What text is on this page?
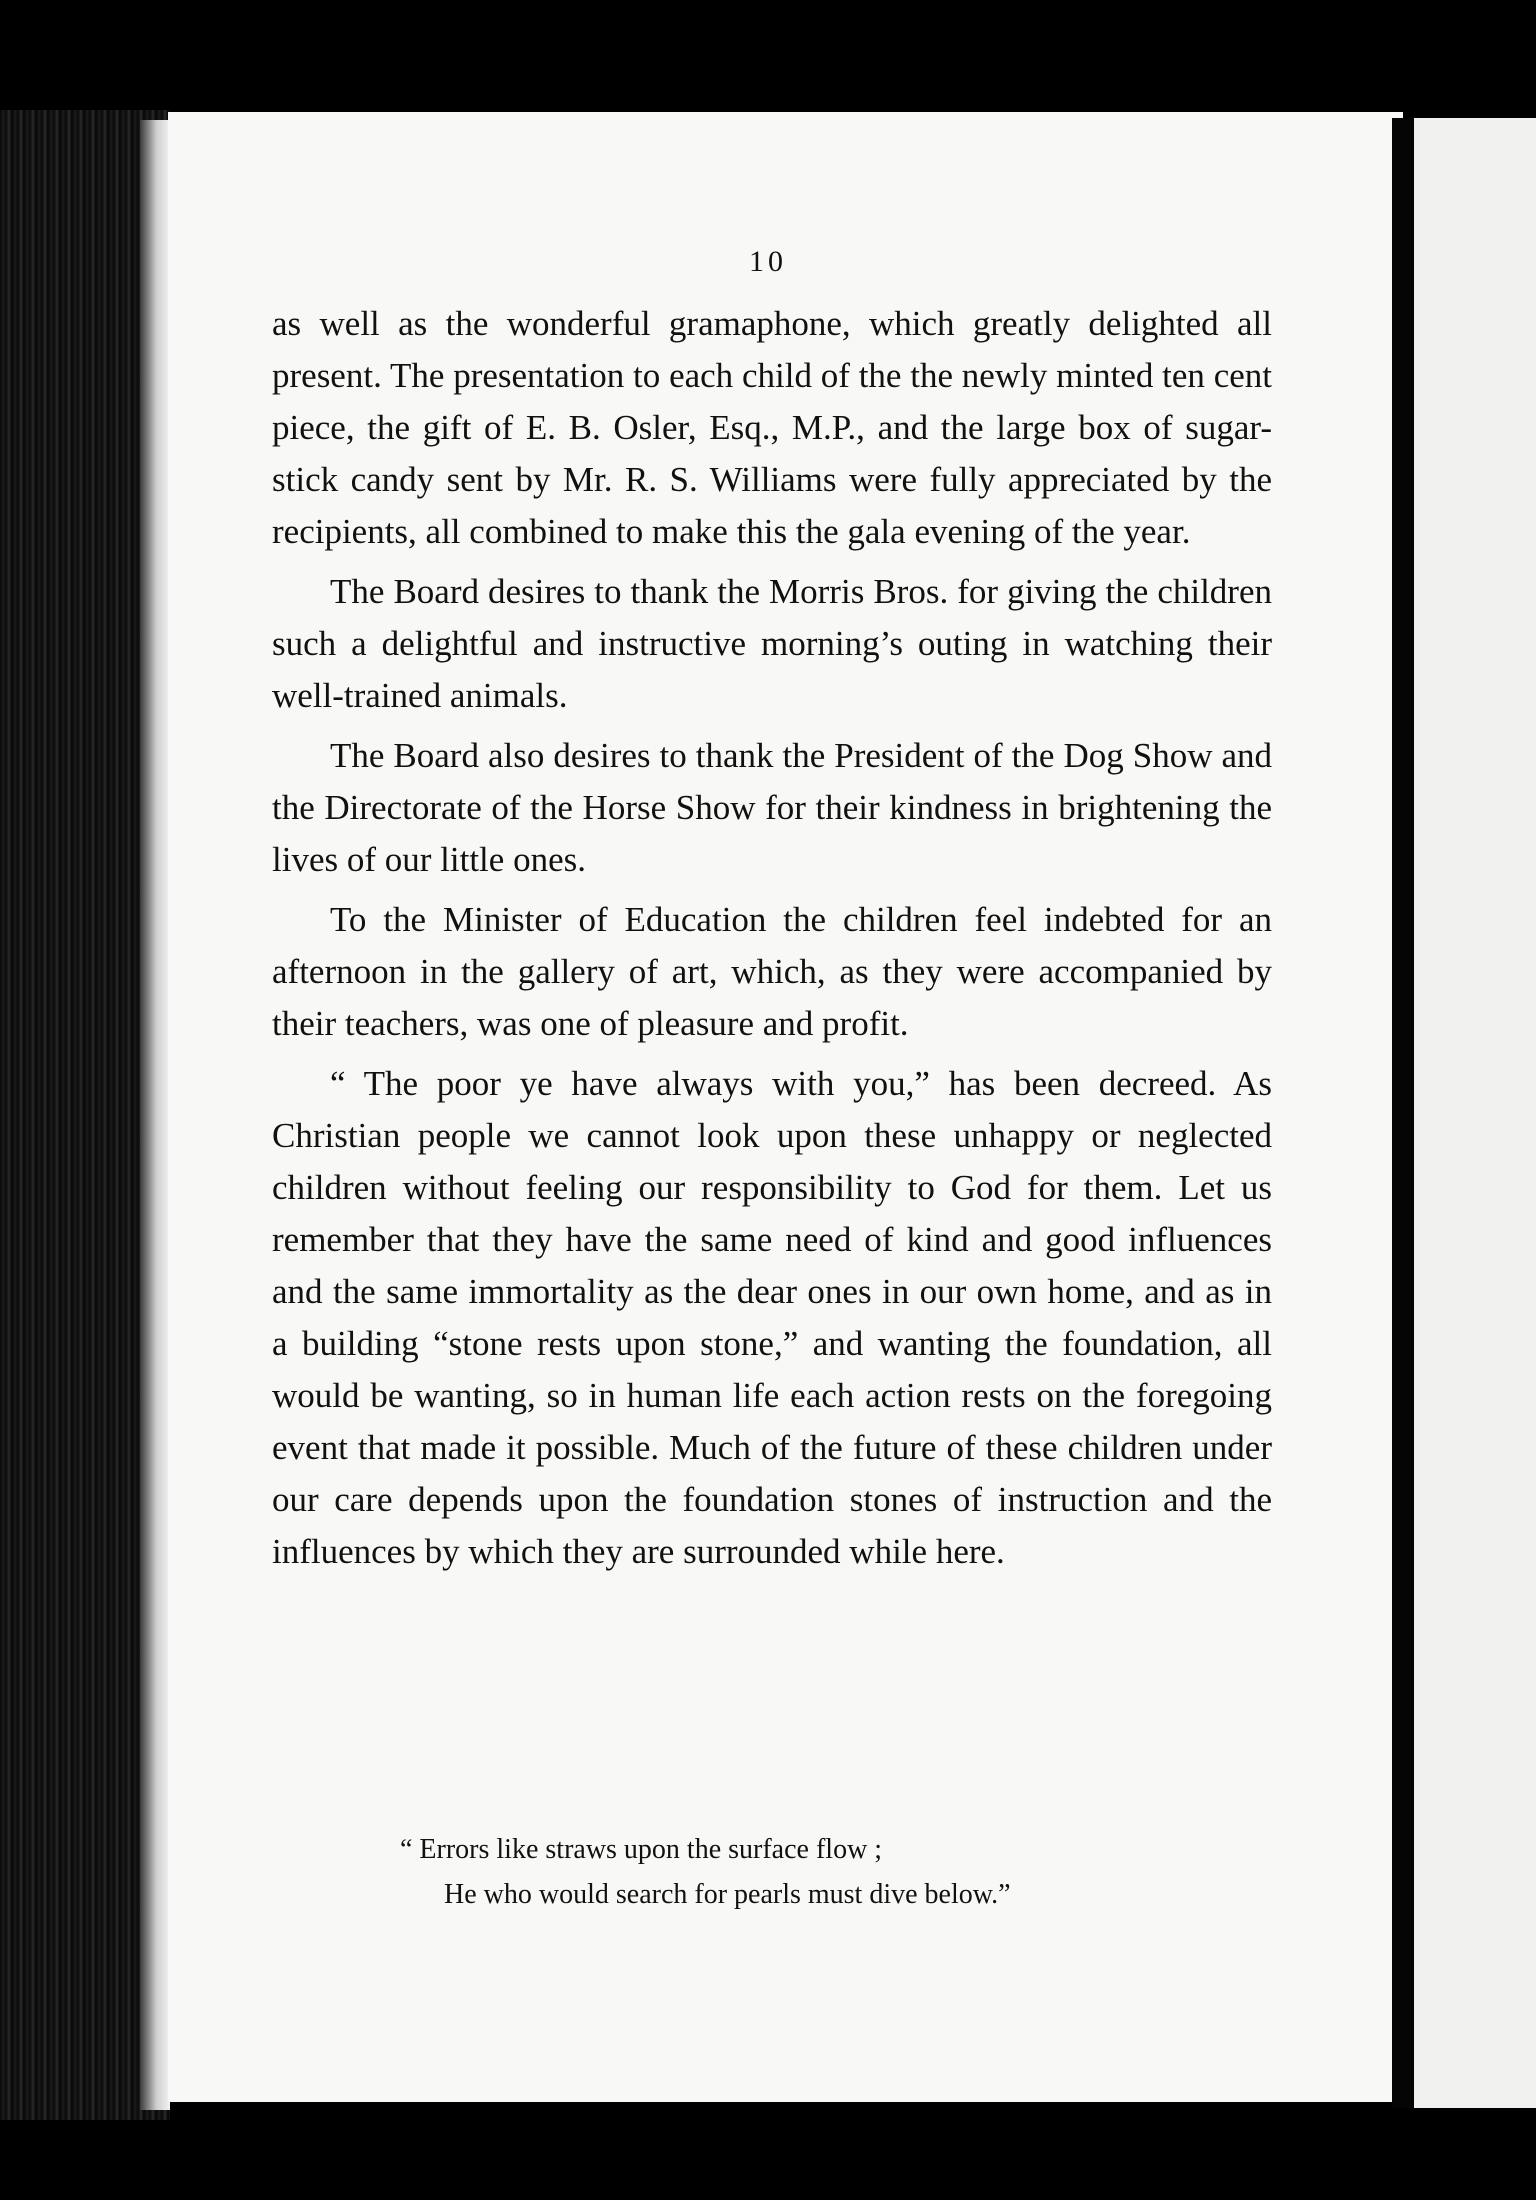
10

as well as the wonderful gramaphone, which greatly delighted all present. The presentation to each child of the the newly minted ten cent piece, the gift of E. B. Osler, Esq., M.P., and the large box of sugar-stick candy sent by Mr. R. S. Williams were fully appreciated by the recipients, all combined to make this the gala evening of the year.

The Board desires to thank the Morris Bros. for giving the children such a delightful and instructive morning’s outing in watching their well-trained animals.

The Board also desires to thank the President of the Dog Show and the Directorate of the Horse Show for their kindness in brightening the lives of our little ones.

To the Minister of Education the children feel indebted for an afternoon in the gallery of art, which, as they were accompanied by their teachers, was one of pleasure and profit.

“ The poor ye have always with you,” has been decreed. As Christian people we cannot look upon these unhappy or neglected children without feeling our responsibility to God for them. Let us remember that they have the same need of kind and good influences and the same immortality as the dear ones in our own home, and as in a building “stone rests upon stone,” and wanting the foundation, all would be wanting, so in human life each action rests on the foregoing event that made it possible. Much of the future of these children under our care depends upon the foundation stones of instruction and the influences by which they are surrounded while here.

“ Errors like straws upon the surface flow ;
He who would search for pearls must dive below.”
